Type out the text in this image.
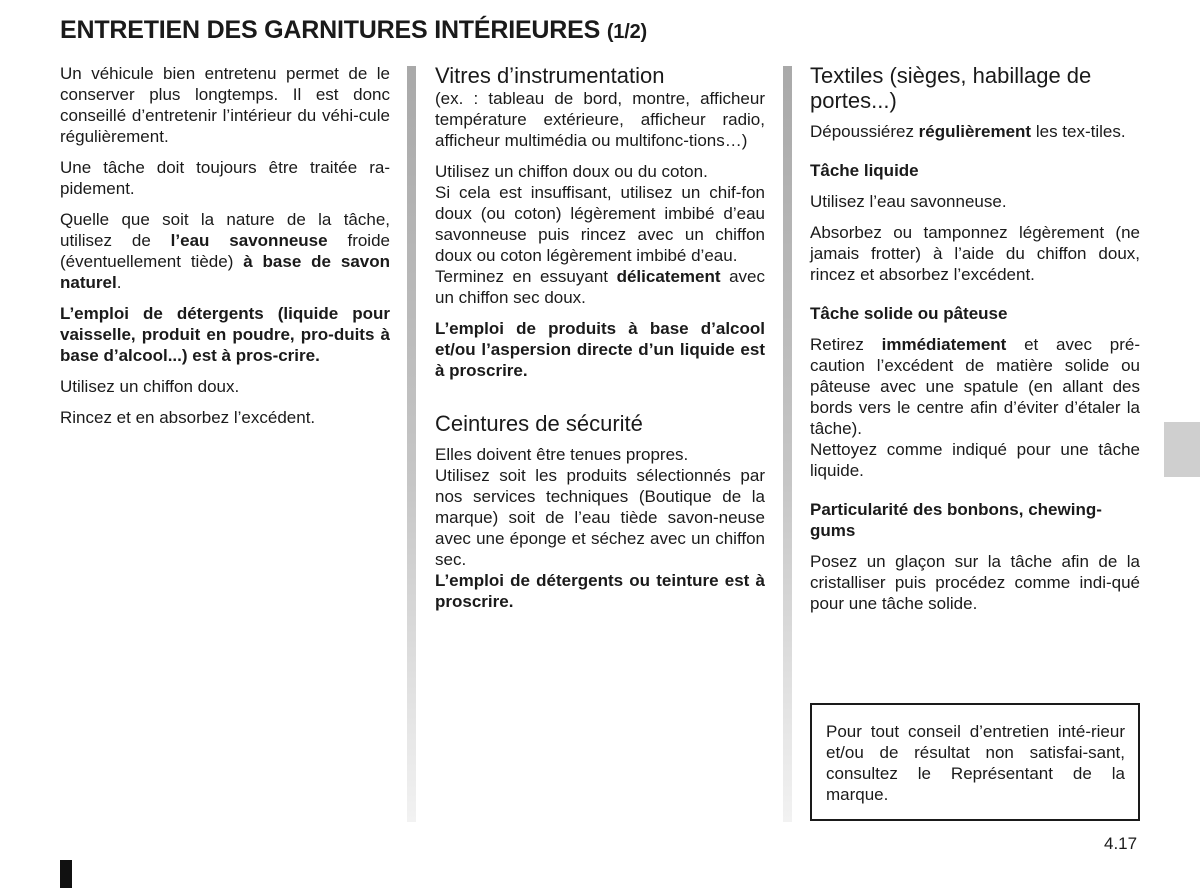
ENTRETIEN DES GARNITURES INTÉRIEURES (1/2)

Un véhicule bien entretenu permet de le conserver plus longtemps. Il est donc conseillé d’entretenir l’intérieur du véhi-cule régulièrement.

Une tâche doit toujours être traitée ra-pidement.

Quelle que soit la nature de la tâche, utilisez de l’eau savonneuse froide (éventuellement tiède) à base de savon naturel.

L’emploi de détergents (liquide pour vaisselle, produit en poudre, pro-duits à base d’alcool...) est à pros-crire.

Utilisez un chiffon doux.

Rincez et en absorbez l’excédent.

Vitres d’instrumentation

(ex. : tableau de bord, montre, afficheur température extérieure, afficheur radio, afficheur multimédia ou multifonc-tions…)

Utilisez un chiffon doux ou du coton.

Si cela est insuffisant, utilisez un chif-fon doux (ou coton) légèrement imbibé d’eau savonneuse puis rincez avec un chiffon doux ou coton légèrement imbibé d’eau.

Terminez en essuyant délicatement avec un chiffon sec doux.

L’emploi de produits à base d’alcool et/ou l’aspersion directe d’un liquide est à proscrire.

Ceintures de sécurité

Elles doivent être tenues propres.

Utilisez soit les produits sélectionnés par nos services techniques (Boutique de la marque) soit de l’eau tiède savon-neuse avec une éponge et séchez avec un chiffon sec.

L’emploi de détergents ou teinture est à proscrire.

Textiles (sièges, habillage de portes...)

Dépoussiérez régulièrement les tex-tiles.

Tâche liquide

Utilisez l’eau savonneuse.

Absorbez ou tamponnez légèrement (ne jamais frotter) à l’aide du chiffon doux, rincez et absorbez l’excédent.

Tâche solide ou pâteuse

Retirez immédiatement et avec pré-caution l’excédent de matière solide ou pâteuse avec une spatule (en allant des bords vers le centre afin d’éviter d’étaler la tâche).

Nettoyez comme indiqué pour une tâche liquide.

Particularité des bonbons, chewing-gums

Posez un glaçon sur la tâche afin de la cristalliser puis procédez comme indi-qué pour une tâche solide.

Pour tout conseil d’entretien inté-rieur et/ou de résultat non satisfai-sant, consultez le Représentant de la marque.
4.17
